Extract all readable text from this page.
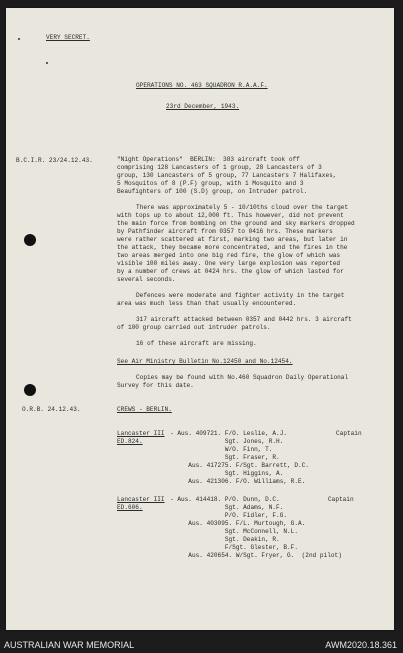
VERY SECRET.
OPERATIONS NO. 463 SQUADRON R.A.A.F.
23rd December, 1943.
B.C.I.R. 23/24.12.43.	"Night Operations"  BERLIN:  383 aircraft took off
comprising 128 Lancasters of 1 group, 28 Lancasters of 3
group, 130 Lancasters of 5 group, 77 Lancasters 7 Halifaxes,
5 Mosquitos of 8 (P.F) group, with 1 Mosquito and 3
Beaufighters of 100 (S.D) group, on Intruder patrol.
There was approximately 5 - 10/10ths cloud over the target
with tops up to about 12,000 ft. This however, did not prevent
the main force from bombing on the ground and sky markers dropped
by Pathfinder aircraft from 0357 to 0416 hrs. These markers
were rather scattered at first, marking two areas, but later in
the attack, they became more concentrated, and the fires in the
two areas merged into one big red fire, the glow of which was
visible 100 miles away. One very large explosion was reported
by a number of crews at 0424 hrs. the glow of which lasted for
several seconds.
Defences were moderate and fighter activity in the target
area was much less than that usually encountered.
317 aircraft attacked between 0357 and 0442 hrs. 3 aircraft
of 100 group carried out intruder patrols.
16 of these aircraft are missing.
See Air Ministry Bulletin No.12450 and No.12454.
Copies may be found with No.460 Squadron Daily Operational
Survey for this date.
O.R.B. 24.12.43.	CREWS - BERLIN.
Lancaster III
ED.824.
- Aus. 409721. F/O. Leslie, A.J.
Sgt. Jones, R.H.
W/O. Finn, T.
Sgt. Fraser, R.
Aus. 417275. F/Sgt. Barrett, D.C.
Sgt. Higgins, A.
Aus. 421306. F/O. Williams, R.E.
Captain
Lancaster III
ED.606.
- Aus. 414418. P/O. Dunn, D.C.
Sgt. Adams, N.F.
P/O. Fidler, F.G.
Aus. 403095. F/L. Murtough, G.A.
Sgt. McConnell, N.L.
Sgt. Deakin, R.
F/Sgt. Glester, B.F.
Aus. 420654. W/Sgt. Fryer, G.  (2nd pilot)
Captain
AUSTRALIAN WAR MEMORIAL	AWM2020.18.361
